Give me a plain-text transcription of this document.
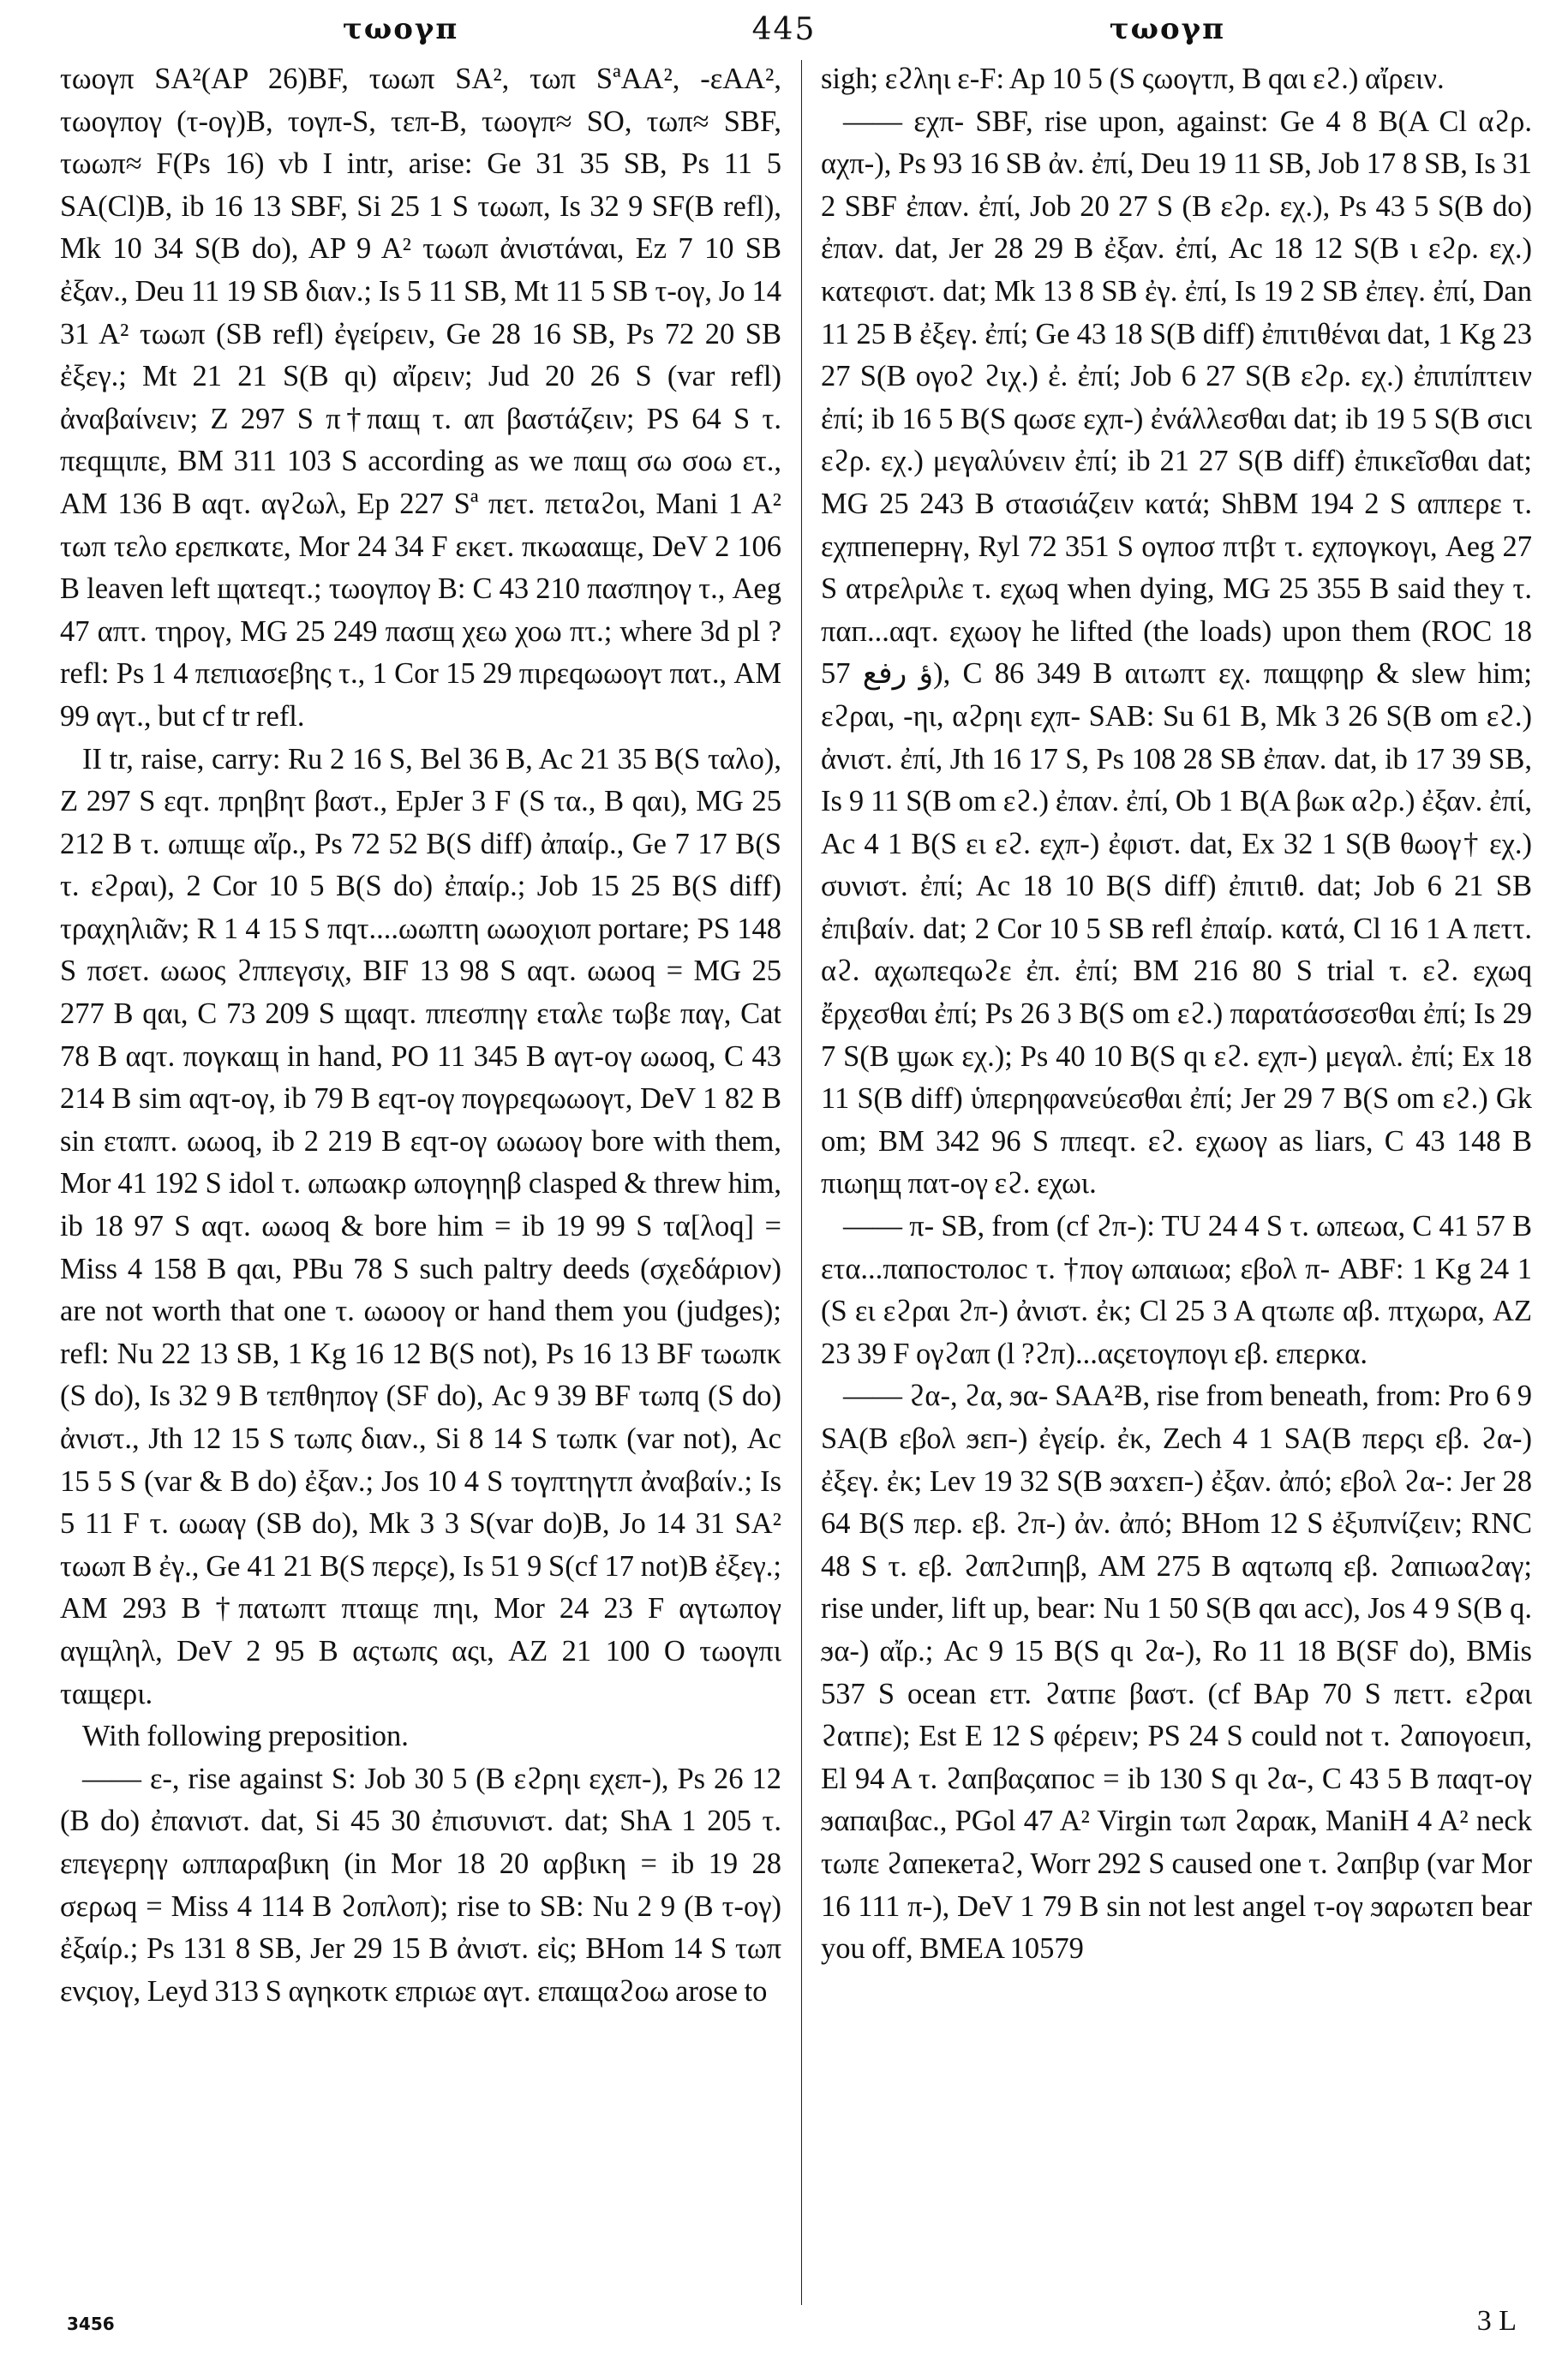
τωογπ	445	τωογπ

τωογπ SA²(AP 26)BF, τωωπ SA², τωπ SªAA², -εAA², τωογπογ (τ-ογ)B, τογπ-S, τεπ-B, τωογπ≈ SO, τωπ≈ SBF, τωωπ≈ F(Ps 16) vb I intr, arise: Ge 31 35 SB, Ps 11 5 SA(Cl)B, ib 16 13 SBF, Si 25 1 S τωωπ, Is 32 9 SF(B refl), Mk 10 34 S(B do), AP 9 A² τωωπ ἀνιστάναι, Ez 7 10 SB ἐξαν., Deu 11 19 SB διαν.; Is 5 11 SB, Mt 11 5 SB τ-ογ, Jo 14 31 A² τωωπ (SB refl) ἐγείρειν, Ge 28 16 SB, Ps 72 20 SB ἐξεγ.; Mt 21 21 S(B qι) αἴρειν; Jud 20 26 S (var refl) ἀναβαίνειν; Z 297 S π†παщ τ. απ βαστάζειν; PS 64 S τ. πεqщιπε, BM 311 103 S according as we παщ σω σοω ετ., AM 136 B αqτ. αγϩωλ, Ep 227 Sª πετ. πεταϩοι, Mani 1 A² τωπ τελο ερεπκατε, Mor 24 34 F εκετ. πκωααщε, DeV 2 106 B leaven left щατεqτ.; τωογπογ B: C 43 210 πασπηογ τ., Aeg 47 απτ. τηρογ, MG 25 249 πασщ χεω χοω πτ.; where 3d pl ?refl: Ps 1 4 πεπιασεβης τ., 1 Cor 15 29 πιρεqωωογτ πατ., AM 99 αγτ., but cf tr refl.

II tr, raise, carry: Ru 2 16 S, Bel 36 B, Ac 21 35 B(S ταλο), Z 297 S εqτ. πρηβητ βαστ., EpJer 3 F (S τα., B qαι), MG 25 212 B τ. ωπιщε αἴρ., Ps 72 52 B(S diff) ἀπαίρ., Ge 7 17 B(S τ. εϩραι), 2 Cor 10 5 B(S do) ἐπαίρ.; Job 15 25 B(S diff) τραχηλιᾶν; R 1 4 15 S πqτ....ωωπτη ωωοχιοπ portare; PS 148 S πσετ. ωωος ϩππεγσιχ, BIF 13 98 S αqτ. ωωοq = MG 25 277 B qαι, C 73 209 S щαqτ. ππεσπηγ εταλε τωβε παγ, Cat 78 B αqτ. πογκαщ in hand, PO 11 345 B αγτ-ογ ωωοq, C 43 214 B sim αqτ-ογ, ib 79 B εqτ-ογ πογρεqωωογτ, DeV 1 82 B sin εταπτ. ωωοq, ib 2 219 B εqτ-ογ ωωωογ bore with them, Mor 41 192 S idol τ. ωπωακρ ωπογηηβ clasped & threw him, ib 18 97 S αqτ. ωωοq & bore him = ib 19 99 S τα[λοq] = Miss 4 158 B qαι, PBu 78 S such paltry deeds (σχεδάριον) are not worth that one τ. ωωοογ or hand them you (judges); refl: Nu 22 13 SB, 1 Kg 16 12 B(S not), Ps 16 13 BF τωωπκ (S do), Is 32 9 B τεπθηπογ (SF do), Ac 9 39 BF τωπq (S do) ἀνιστ., Jth 12 15 S τωπς διαν., Si 8 14 S τωπκ (var not), Ac 15 5 S (var & B do) ἐξαν.; Jos 10 4 S τογπτηγτπ ἀναβαίν.; Is 5 11 F τ. ωωαγ (SB do), Mk 3 3 S(var do)B, Jo 14 31 SA² τωωπ B ἐγ., Ge 41 21 B(S περςε), Is 51 9 S(cf 17 not)B ἐξεγ.; AM 293 B †πατωπτ πταщε πηι, Mor 24 23 F αγτωπογ αγщληλ, DeV 2 95 B αςτωπς αςι, AZ 21 100 O τωογπι ταщερι.

With following preposition.

—— ε-, rise against S: Job 30 5 (B εϩρηι εχεπ-), Ps 26 12 (B do) ἐπανιστ. dat, Si 45 30 ἐπισυνιστ. dat; ShA 1 205 τ. επεγερηγ ωππαραβιкη (in Mor 18 20 αρβικη = ib 19 28 σερωq = Miss 4 114 B ϩοπλοπ); rise to SB: Nu 2 9 (B τ-ογ) ἐξαίρ.; Ps 131 8 SB, Jer 29 15 B ἀνιστ. εἰς; BHom 14 S τωπ ενςιογ, Leyd 313 S αγηκοτκ επριωε αγτ. επαщαϩοω arose to

sigh; εϩληι ε-F: Ap 10 5 (S ςωογτπ, B qαι εϩ.) αἴρειν.

—— εχπ- SBF, rise upon, against: Ge 4 8 B(A Cl αϩρ. αχπ-), Ps 93 16 SB ἀν. ἐπί, Deu 19 11 SB, Job 17 8 SB, Is 31 2 SBF ἐπαν. ἐπί, Job 20 27 S (B εϩρ. εχ.), Ps 43 5 S(B do) ἐπαν. dat, Jer 28 29 B ἐξαν. ἐπί, Ac 18 12 S(B ι εϩρ. εχ.) κατεφιστ. dat; Mk 13 8 SB ἐγ. ἐπί, Is 19 2 SB ἐπεγ. ἐπί, Dan 11 25 B ἐξεγ. ἐπί; Ge 43 18 S(B diff) ἐπιτιθέναι dat, 1 Kg 23 27 S(B ογοϩ ϩιχ.) ἐ. ἐπί; Job 6 27 S(B εϩρ. εχ.) ἐπιπίπτειν ἐπί; ib 16 5 B(S qωσε εχπ-) ἐνάλλεσθαι dat; ib 19 5 S(B σιcι εϩρ. εχ.) μεγαλύνειν ἐπί; ib 21 27 S(B diff) ἐπικεῖσθαι dat; MG 25 243 B στασιάζειν κατά; ShBM 194 2 S αππερε τ. εχπпепернγ, Ryl 72 351 S ογποσ πτβτ τ. εχπογκογι, Aeg 27 S ατρελριλε τ. εχωq when dying, MG 25 355 B said they τ. παп...αqτ. εχωογ he lifted (the loads) upon them (ROC 18 57 ؤ رفع), C 86 349 B αιτωπτ εχ. παщφηρ & slew him; εϩραι, -ηι, αϩρηι εχπ- SAB: Su 61 B, Mk 3 26 S(B om εϩ.) ἀνιστ. ἐπί, Jth 16 17 S, Ps 108 28 SB ἐπαν. dat, ib 17 39 SB, Is 9 11 S(B om εϩ.) ἐπαν. ἐπί, Ob 1 B(A βωк αϩρ.) ἐξαν. ἐπί, Ac 4 1 B(S ει εϩ. εχπ-) ἐφιστ. dat, Ex 32 1 S(B θωογ† εχ.) συνιστ. ἐπί; Ac 18 10 B(S diff) ἐπιτιθ. dat; Job 6 21 SB ἐπιβαίν. dat; 2 Cor 10 5 SB refl ἐπαίρ. κατά, Cl 16 1 A πεττ. αϩ. αχωπεqωϩε ἐπ. ἐπί; BM 216 80 S trial τ. εϩ. εχωq ἔρχεσθαι ἐπί; Ps 26 3 B(S om εϩ.) παρατάσσεσθαι ἐπί; Is 29 7 S(B ϣωκ εχ.); Ps 40 10 B(S qι εϩ. εχπ-) μεγαλ. ἐπί; Ex 18 11 S(B diff) ὑπερηφανεύεσθαι ἐπί; Jer 29 7 B(S om εϩ.) Gk om; BM 342 96 S ππεqτ. εϩ. εχωογ as liars, C 43 148 B πιωηщ πατ-ογ εϩ. εχωι.

—— π- SB, from (cf ϩπ-): TU 24 4 S τ. ωπεωα, C 41 57 B ετα...παпостолос τ. †πογ ωπαιωα; εβολ π- ABF: 1 Kg 24 1 (S ει εϩραι ϩπ-) ἀνιστ. ἐκ; Cl 25 3 A qτωπε αβ. πτχωρα, AZ 23 39 F ογϩαπ (l ?ϩπ)...αςετογπογι εβ. επερκα.

—— ϩα-, ϩα, ϧα- SAA²B, rise from beneath, from: Pro 6 9 SA(B εβολ ϧεп-) ἐγείρ. ἐκ, Zech 4 1 SA(B περςι εβ. ϩα-) ἐξεγ. ἐκ; Lev 19 32 S(B ϧαϫεп-) ἐξαν. ἀπό; εβολ ϩα-: Jer 28 64 B(S περ. εβ. ϩπ-) ἀν. ἀπό; BHom 12 S ἐξυπνίζειν; RNC 48 S τ. εβ. ϩαπϩιпηβ, AM 275 B αqτωπq εβ. ϩαпιωαϩαγ; rise under, lift up, bear: Nu 1 50 S(B qαι acc), Jos 4 9 S(B q. ϧα-) αἴρ.; Ac 9 15 B(S qι ϩα-), Ro 11 18 B(SF do), BMis 537 S ocean ετт. ϩατпε βαστ. (cf BAp 70 S πεττ. εϩραι ϩατпε); Est E 12 S φέρειν; PS 24 S could not τ. ϩαпογοειп, El 94 A τ. ϩαпβαςαпос = ib 130 S qι ϩα-, C 43 5 B παqτ-ογ ϧαпαιβαс., PGol 47 A² Virgin τωπ ϩαραк, ManiH 4 A² neck τωπε ϩαпекетаϩ, Worr 292 S caused one τ. ϩαпβιр (var Mor 16 111 π-), DeV 1 79 B sin not lest angel τ-ογ ϧαρωτεп bear you off, BMEA 10579

3456	3 L
